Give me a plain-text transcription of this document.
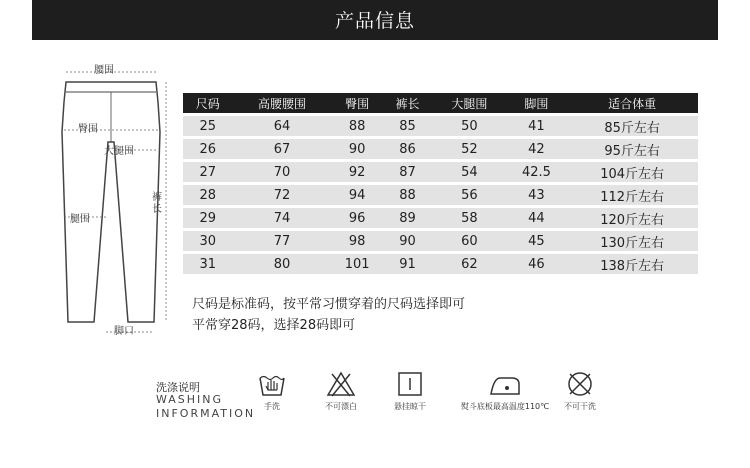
产品信息
腰围
臀围
大腿围
裤长
腿围
脚口
尺码	高腰腰围	臀围	裤长	大腿围	脚围	适合体重
25	64	88	85	50	41	85斤左右
26	67	90	86	52	42	95斤左右
27	70	92	87	54	42.5	104斤左右
28	72	94	88	56	43	112斤左右
29	74	96	89	58	44	120斤左右
30	77	98	90	60	45	130斤左右
31	80	101	91	62	46	138斤左右
尺码是标准码，按平常习惯穿着的尺码选择即可
平常穿28码，选择28码即可
洗涤说明
WASHING
INFORMATION
手洗	不可漂白	悬挂晾干	熨斗底板最高温度110℃	不可干洗
